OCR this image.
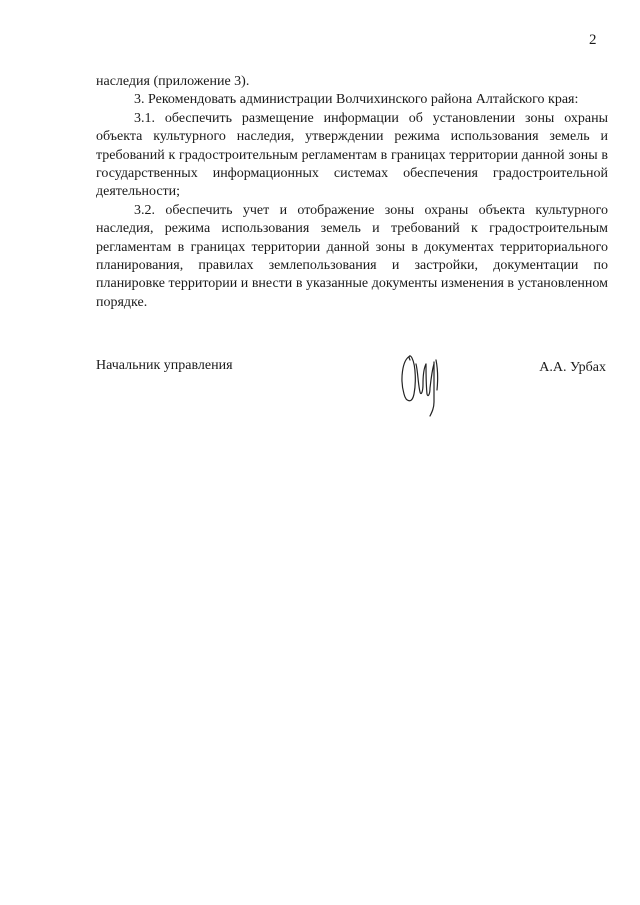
2

наследия (приложение 3).

3. Рекомендовать администрации Волчихинского района Алтайского края:

3.1. обеспечить размещение информации об установлении зоны охраны объекта культурного наследия, утверждении режима использования земель и требований к градостроительным регламентам в границах территории данной зоны в государственных информационных системах обеспечения градостроительной деятельности;

3.2. обеспечить учет и отображение зоны охраны объекта культурного наследия, режима использования земель и требований к градостроительным регламентам в границах территории данной зоны в документах территориального планирования, правилах землепользования и застройки, документации по планировке территории и внести в указанные документы изменения в установленном порядке.

Начальник управления	А.А. Урбах
